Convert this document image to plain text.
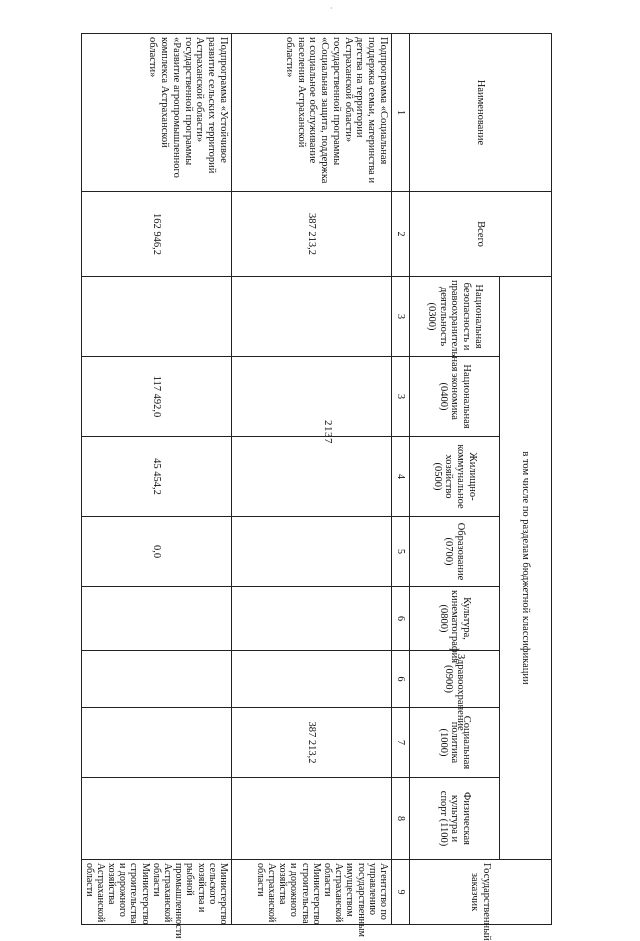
·
2137
Наименование	Всего	в том числе по разделам бюджетной классификации								Государственный заказчик
		Национальная безопасность и правоохранительная деятельность (0300)	Национальная экономика (0400)	Жилищно-коммунальное хозяйство (0500)	Образование (0700)	Культура, кинематография (0800)	Здравоохранение (0900)	Социальная политика (1000)	Физическая культура и спорт (1100)	
1	2	3	3	4	5	6	6	7	8	9
Подпрограмма «Социальная поддержка семьи, материнства и детства на территории Астраханской области» государственной программы «Социальная защита, поддержка и социальное обслуживание населения Астраханской области»	387 213,2							387 213,2		Агентство по управлению государственным имуществом Астраханской области Министерство строительства и дорожного хозяйства Астраханской области
Подпрограмма «Устойчивое развитие сельских территорий Астраханской области» государственной программы «Развитие агропромышленного комплекса Астраханской области»	162 946,2		117 492,0	45 454,2	0,0					Министерство сельского хозяйства и рыбной промышленности Астраханской области Министерство строительства и дорожного хозяйства Астраханской области
